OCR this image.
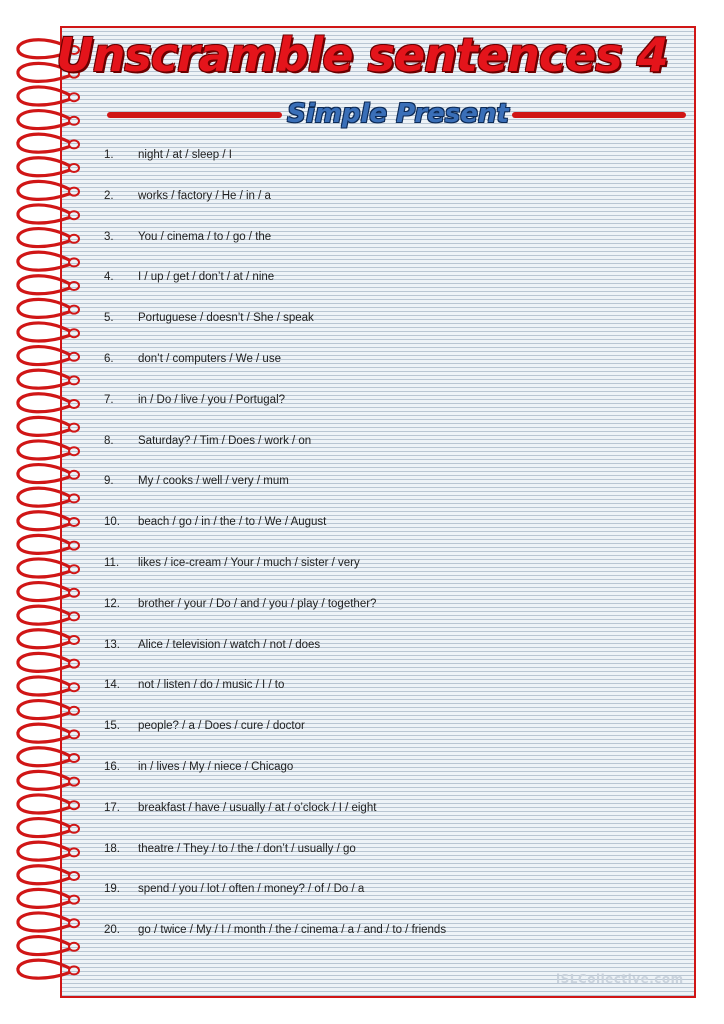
Unscramble sentences 4
Simple Present
1. night / at / sleep / I
2. works / factory / He / in / a
3. You / cinema / to / go / the
4. I / up / get / don’t / at / nine
5. Portuguese / doesn’t / She / speak
6. don’t / computers / We / use
7. in / Do / live / you / Portugal?
8. Saturday? / Tim / Does / work / on
9. My / cooks / well / very / mum
10. beach / go / in / the / to / We / August
11. likes / ice-cream / Your / much / sister / very
12. brother / your / Do / and / you / play / together?
13. Alice / television / watch / not / does
14. not / listen / do / music / I / to
15. people? / a / Does / cure / doctor
16. in / lives / My / niece / Chicago
17. breakfast / have / usually / at / o’clock / I / eight
18. theatre / They / to / the / don’t / usually / go
19. spend / you / lot / often / money? / of / Do / a
20. go / twice / My / I / month / the / cinema / a / and / to / friends
iSLCollective.com
